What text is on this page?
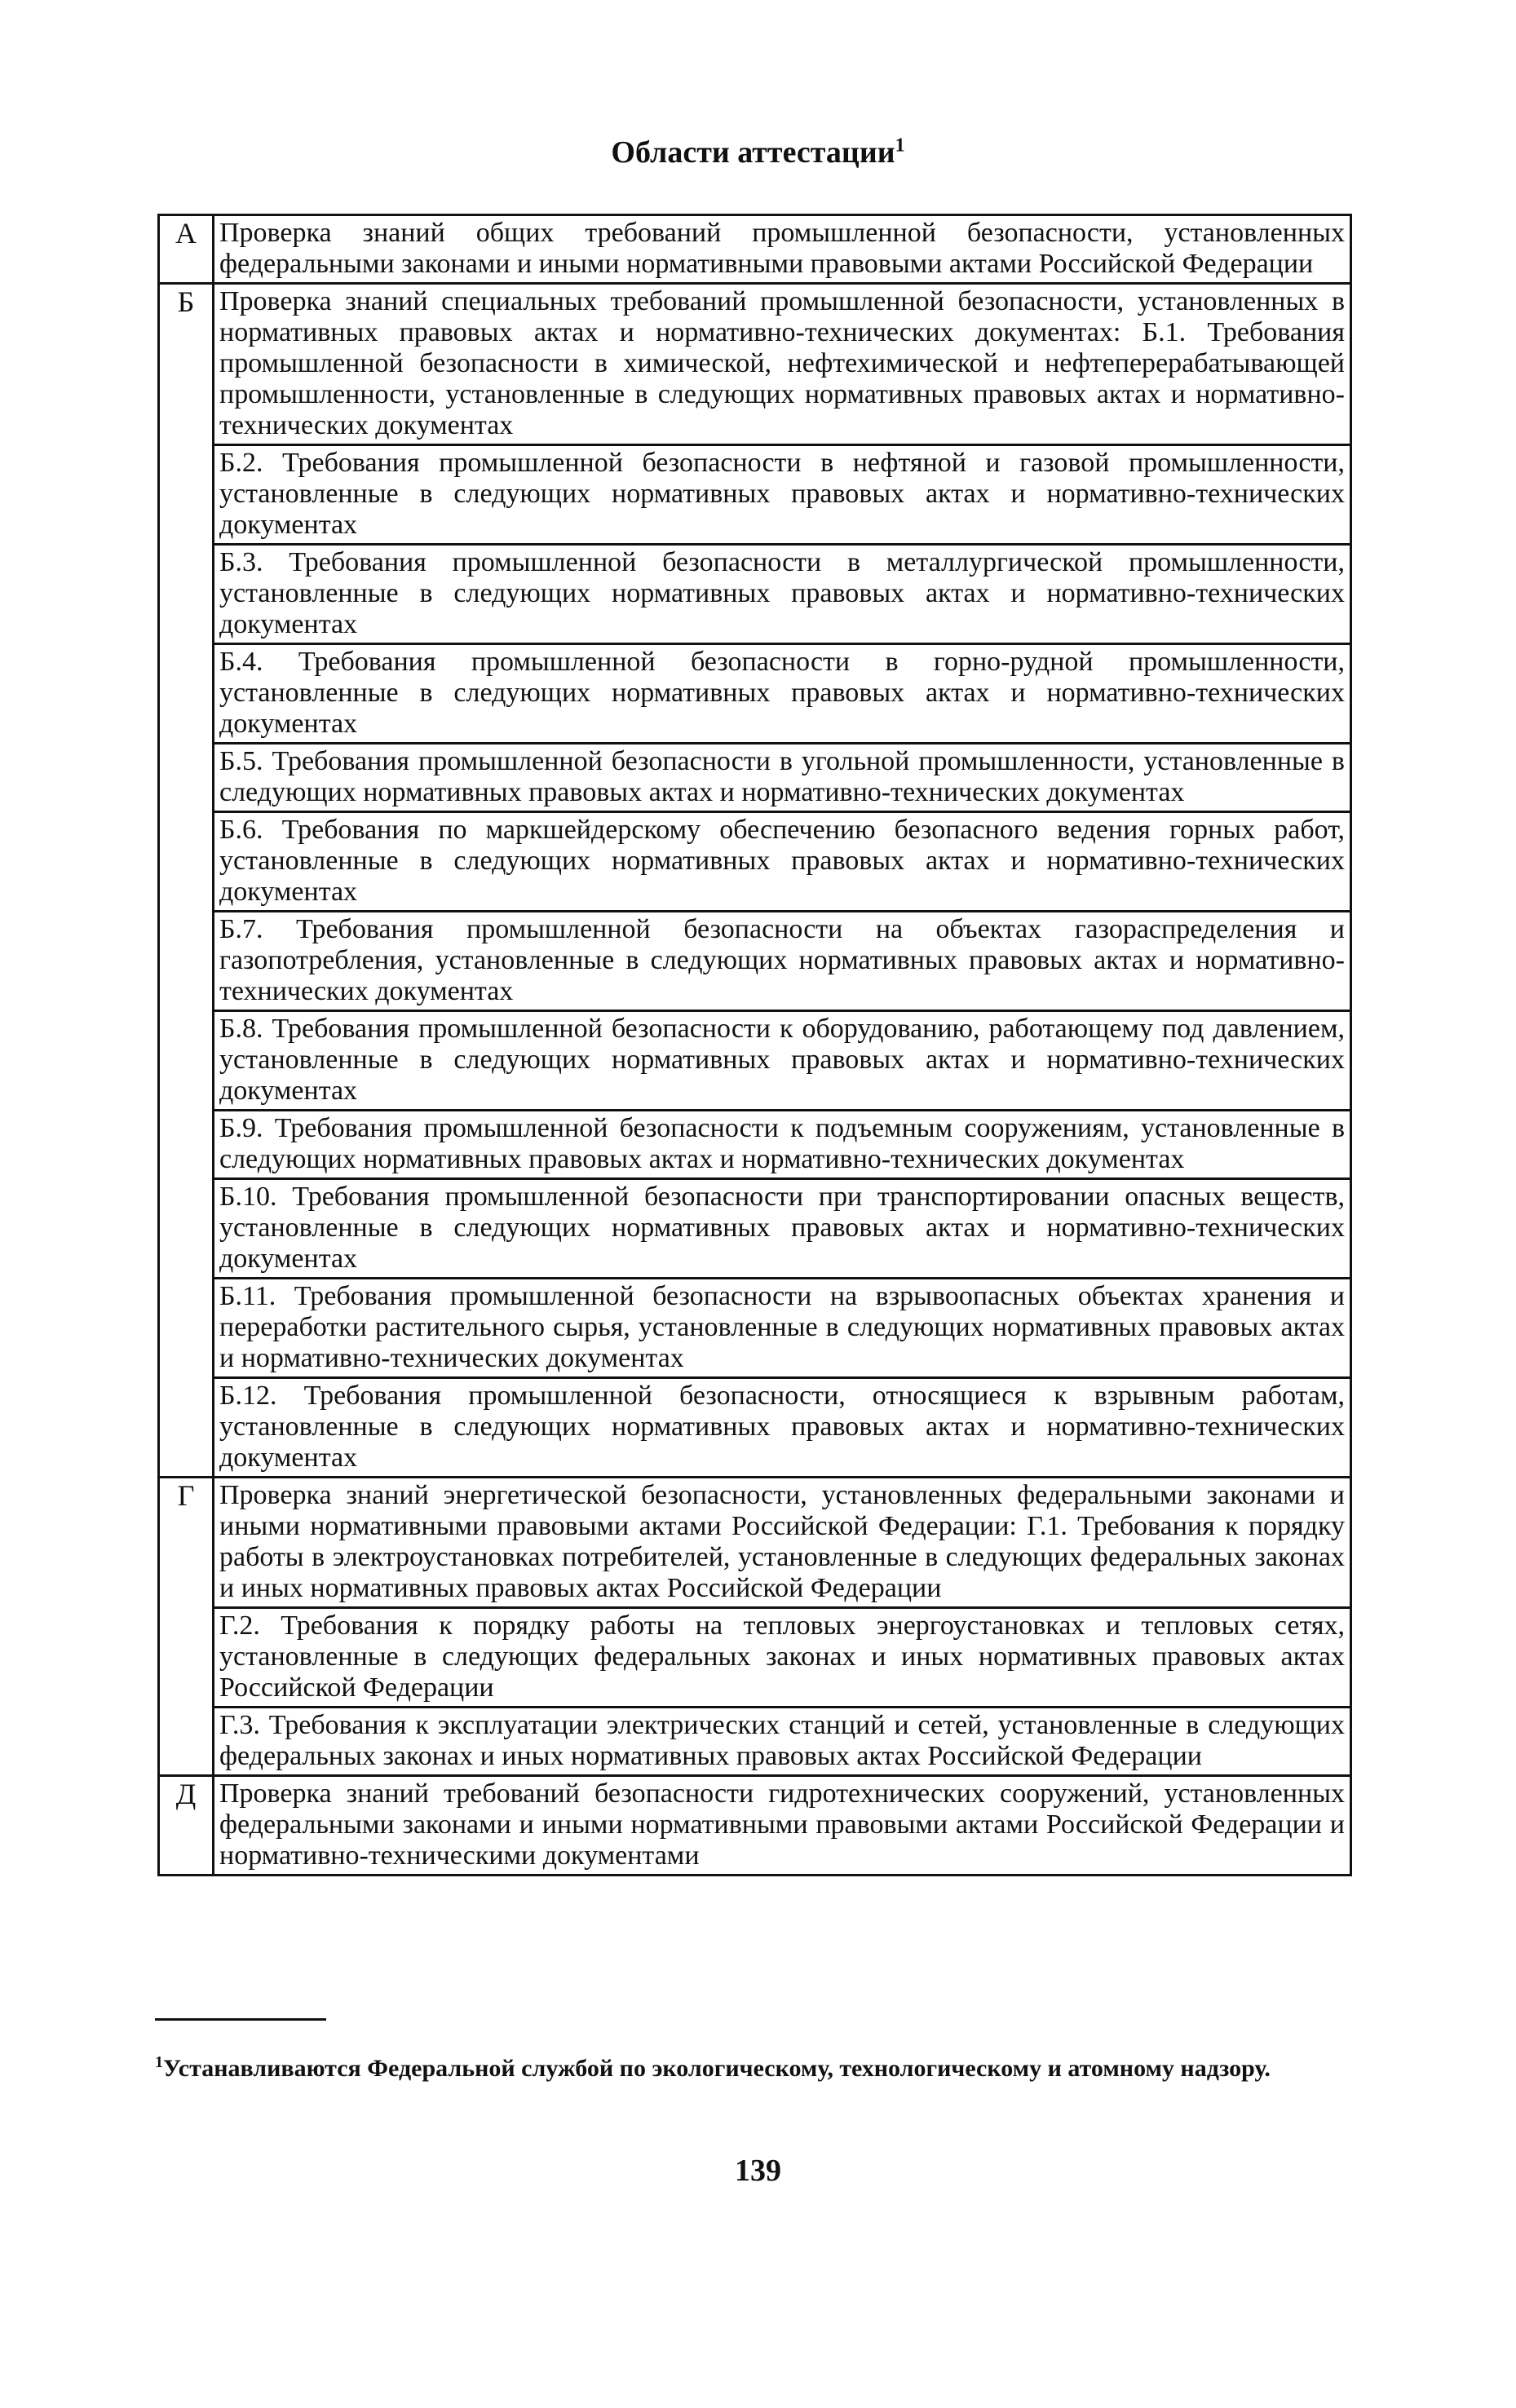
Области аттестации$^1$
А	Проверка знаний общих требований промышленной безопасности, установленных федеральными законами и иными нормативными правовыми актами Российской Федерации
Б	Проверка знаний специальных требований промышленной безопасности, установленных в нормативных правовых актах и нормативно-технических документах: Б.1. Требования промышленной безопасности в химической, нефтехимической и нефтеперерабатывающей промышленности, установленные в следующих нормативных правовых актах и нормативно-технических документах
	Б.2. Требования промышленной безопасности в нефтяной и газовой промышленности, установленные в следующих нормативных правовых актах и нормативно-технических документах
	Б.3. Требования промышленной безопасности в металлургической промышленности, установленные в следующих нормативных правовых актах и нормативно-технических документах
	Б.4. Требования промышленной безопасности в горно-рудной промышленности, установленные в следующих нормативных правовых актах и нормативно-технических документах
	Б.5. Требования промышленной безопасности в угольной промышленности, установленные в следующих нормативных правовых актах и нормативно-технических документах
	Б.6. Требования по маркшейдерскому обеспечению безопасного ведения горных работ, установленные в следующих нормативных правовых актах и нормативно-технических документах
	Б.7. Требования промышленной безопасности на объектах газораспределения и газопотребления, установленные в следующих нормативных правовых актах и нормативно-технических документах
	Б.8. Требования промышленной безопасности к оборудованию, работающему под давлением, установленные в следующих нормативных правовых актах и нормативно-технических документах
	Б.9. Требования промышленной безопасности к подъемным сооружениям, установленные в следующих нормативных правовых актах и нормативно-технических документах
	Б.10. Требования промышленной безопасности при транспортировании опасных веществ, установленные в следующих нормативных правовых актах и нормативно-технических документах
	Б.11. Требования промышленной безопасности на взрывоопасных объектах хранения и переработки растительного сырья, установленные в следующих нормативных правовых актах и нормативно-технических документах
	Б.12. Требования промышленной безопасности, относящиеся к взрывным работам, установленные в следующих нормативных правовых актах и нормативно-технических документах
Г	Проверка знаний энергетической безопасности, установленных федеральными законами и иными нормативными правовыми актами Российской Федерации: Г.1. Требования к порядку работы в электроустановках потребителей, установленные в следующих федеральных законах и иных нормативных правовых актах Российской Федерации
	Г.2. Требования к порядку работы на тепловых энергоустановках и тепловых сетях, установленные в следующих федеральных законах и иных нормативных правовых актах Российской Федерации
	Г.3. Требования к эксплуатации электрических станций и сетей, установленные в следующих федеральных законах и иных нормативных правовых актах Российской Федерации
Д	Проверка знаний требований безопасности гидротехнических сооружений, установленных федеральными законами и иными нормативными правовыми актами Российской Федерации и нормативно-техническими документами
$^1$Устанавливаются Федеральной службой по экологическому, технологическому и атомному надзору.
139
